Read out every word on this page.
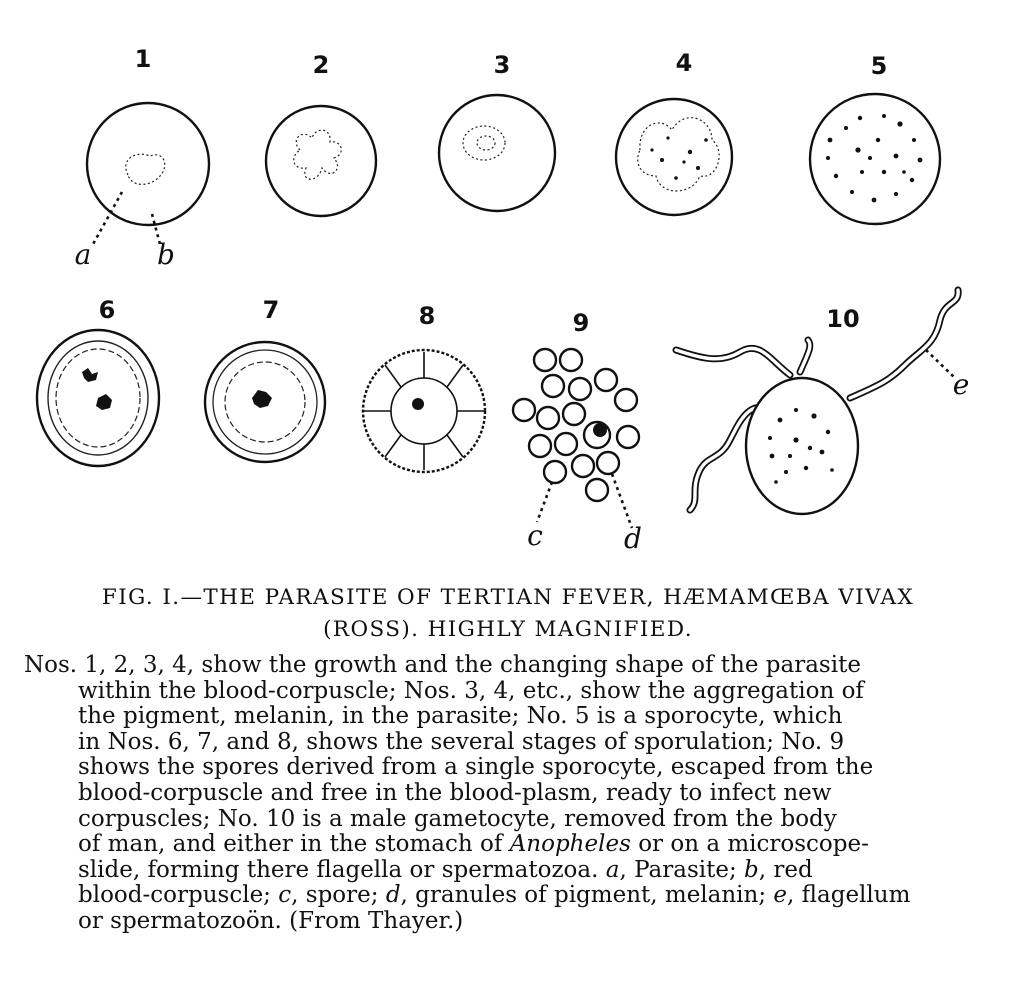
1	2	3	4	5
6	7	8	9	10
a b
c	d
e
FIG. I.—THE PARASITE OF TERTIAN FEVER, HÆMAMŒBA VIVAX
(ROSS). HIGHLY MAGNIFIED.
Nos. 1, 2, 3, 4, show the growth and the changing shape of the parasite
within the blood-corpuscle; Nos. 3, 4, etc., show the aggregation of
the pigment, melanin, in the parasite; No. 5 is a sporocyte, which
in Nos. 6, 7, and 8, shows the several stages of sporulation; No. 9
shows the spores derived from a single sporocyte, escaped from the
blood-corpuscle and free in the blood-plasm, ready to infect new
corpuscles; No. 10 is a male gametocyte, removed from the body
of man, and either in the stomach of Anopheles or on a microscope-
slide, forming there flagella or spermatozoa. a, Parasite; b, red
blood-corpuscle; c, spore; d, granules of pigment, melanin; e, flagellum
or spermatozoön. (From Thayer.)
